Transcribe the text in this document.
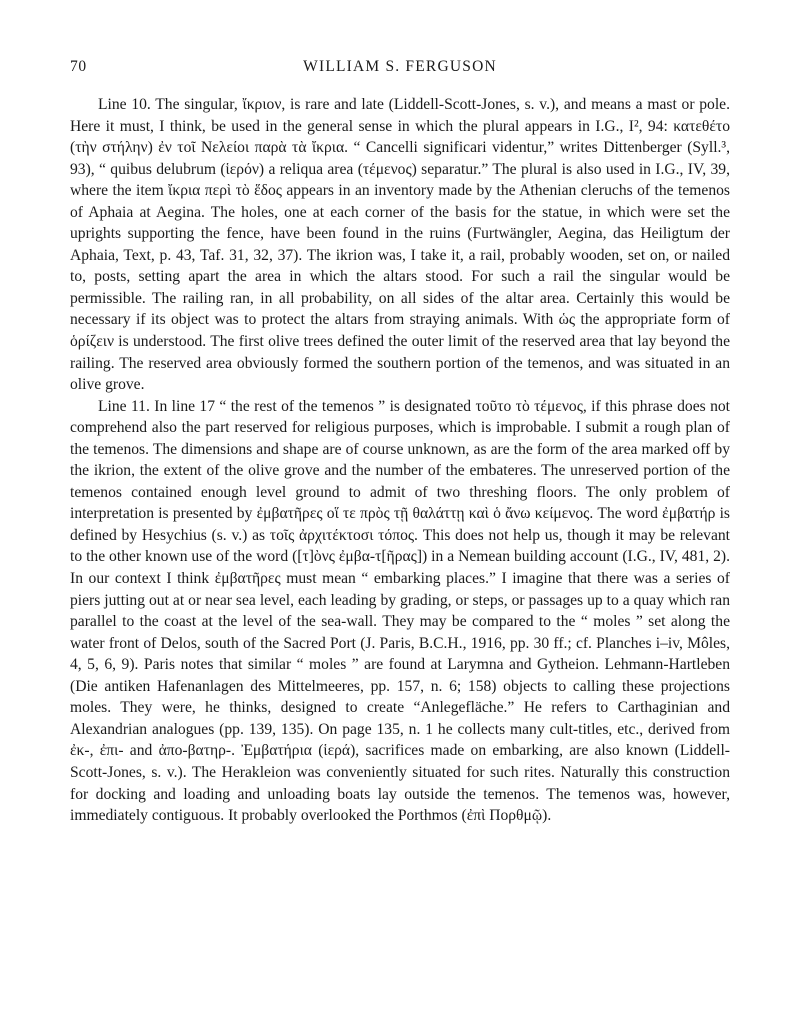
70	WILLIAM S. FERGUSON

Line 10. The singular, ἴκριον, is rare and late (Liddell-Scott-Jones, s. v.), and means a mast or pole. Here it must, I think, be used in the general sense in which the plural appears in I.G., I², 94: κατεθέτο (τὴν στήλην) ἐν τοῖ Νελείοι παρὰ τὰ ἴκρια. “ Cancelli significari videntur,” writes Dittenberger (Syll.³, 93), “ quibus delubrum (ἱερόν) a reliqua area (τέμενος) separatur.” The plural is also used in I.G., IV, 39, where the item ἴκρια περὶ τὸ ἕδος appears in an inventory made by the Athenian cleruchs of the temenos of Aphaia at Aegina. The holes, one at each corner of the basis for the statue, in which were set the uprights supporting the fence, have been found in the ruins (Furtwängler, Aegina, das Heiligtum der Aphaia, Text, p. 43, Taf. 31, 32, 37). The ikrion was, I take it, a rail, probably wooden, set on, or nailed to, posts, setting apart the area in which the altars stood. For such a rail the singular would be permissible. The railing ran, in all probability, on all sides of the altar area. Certainly this would be necessary if its object was to protect the altars from straying animals. With ὡς the appropriate form of ὁρίζειν is understood. The first olive trees defined the outer limit of the reserved area that lay beyond the railing. The reserved area obviously formed the southern portion of the temenos, and was situated in an olive grove.

Line 11. In line 17 “ the rest of the temenos ” is designated τοῦτο τὸ τέμενος, if this phrase does not comprehend also the part reserved for religious purposes, which is improbable. I submit a rough plan of the temenos. The dimensions and shape are of course unknown, as are the form of the area marked off by the ikrion, the extent of the olive grove and the number of the embateres. The unreserved portion of the temenos contained enough level ground to admit of two threshing floors. The only problem of interpretation is presented by ἐμβατῆρες οἵ τε πρὸς τῇ θαλάττῃ καὶ ὁ ἄνω κείμενος. The word ἐμβατήρ is defined by Hesychius (s. v.) as τοῖς ἀρχιτέκτοσι τόπος. This does not help us, though it may be relevant to the other known use of the word ([τ]ὸνς ἐμβα-τ[ῆρας]) in a Nemean building account (I.G., IV, 481, 2). In our context I think ἐμβατῆρες must mean “ embarking places.” I imagine that there was a series of piers jutting out at or near sea level, each leading by grading, or steps, or passages up to a quay which ran parallel to the coast at the level of the sea-wall. They may be compared to the “ moles ” set along the water front of Delos, south of the Sacred Port (J. Paris, B.C.H., 1916, pp. 30 ff.; cf. Planches i–iv, Môles, 4, 5, 6, 9). Paris notes that similar “ moles ” are found at Larymna and Gytheion. Lehmann-Hartleben (Die antiken Hafenanlagen des Mittelmeeres, pp. 157, n. 6; 158) objects to calling these projections moles. They were, he thinks, designed to create “Anlegefläche.” He refers to Carthaginian and Alexandrian analogues (pp. 139, 135). On page 135, n. 1 he collects many cult-titles, etc., derived from ἐκ-, ἐπι- and ἀπο-βατηρ-. Ἐμβατήρια (ἱερά), sacrifices made on embarking, are also known (Liddell-Scott-Jones, s. v.). The Herakleion was conveniently situated for such rites. Naturally this construction for docking and loading and unloading boats lay outside the temenos. The temenos was, however, immediately contiguous. It probably overlooked the Porthmos (ἐπὶ Πορθμῷ).
